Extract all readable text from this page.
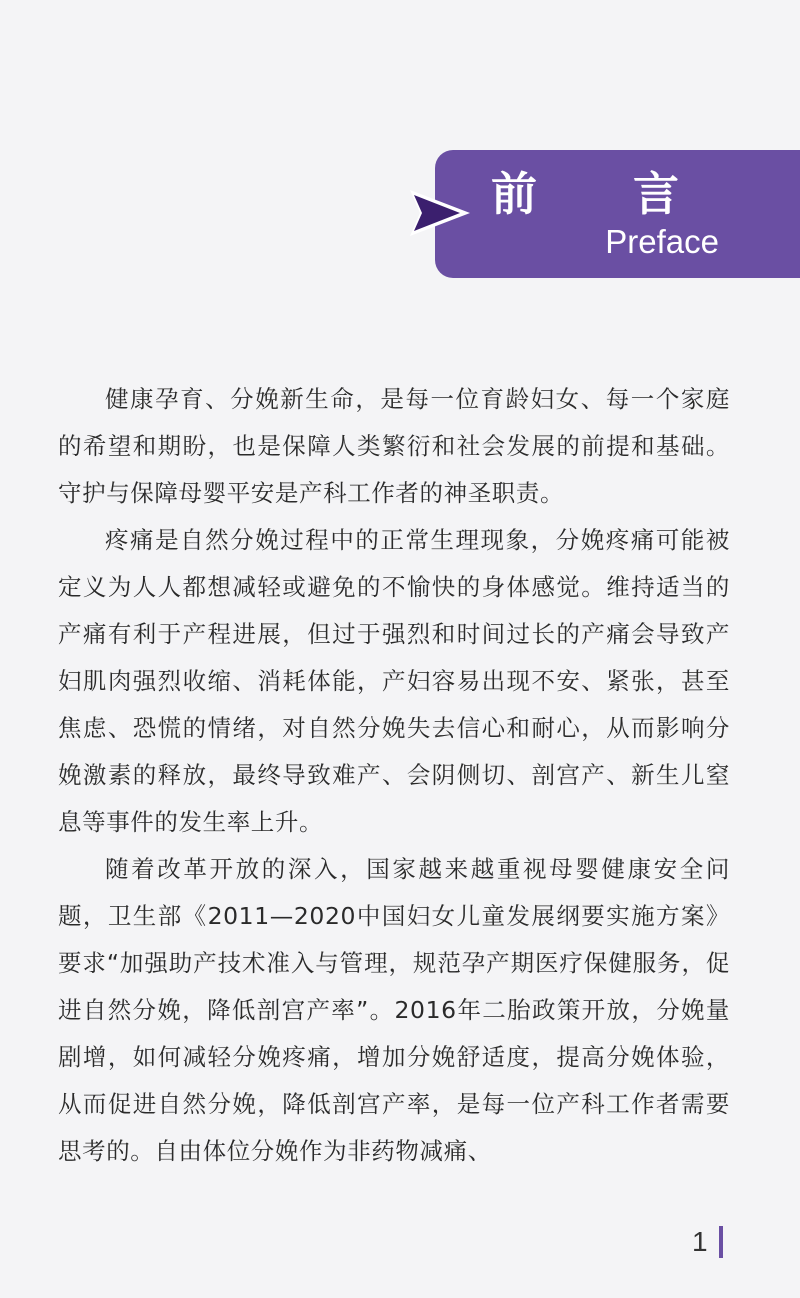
前 言
Preface

健康孕育、分娩新生命，是每一位育龄妇女、每一个家庭的希望和期盼，也是保障人类繁衍和社会发展的前提和基础。守护与保障母婴平安是产科工作者的神圣职责。

疼痛是自然分娩过程中的正常生理现象，分娩疼痛可能被定义为人人都想减轻或避免的不愉快的身体感觉。维持适当的产痛有利于产程进展，但过于强烈和时间过长的产痛会导致产妇肌肉强烈收缩、消耗体能，产妇容易出现不安、紧张，甚至焦虑、恐慌的情绪，对自然分娩失去信心和耐心，从而影响分娩激素的释放，最终导致难产、会阴侧切、剖宫产、新生儿窒息等事件的发生率上升。

随着改革开放的深入，国家越来越重视母婴健康安全问题，卫生部《2011—2020中国妇女儿童发展纲要实施方案》要求“加强助产技术准入与管理，规范孕产期医疗保健服务，促进自然分娩，降低剖宫产率”。2016年二胎政策开放，分娩量剧增，如何减轻分娩疼痛，增加分娩舒适度，提高分娩体验，从而促进自然分娩，降低剖宫产率，是每一位产科工作者需要思考的。自由体位分娩作为非药物减痛、

1
